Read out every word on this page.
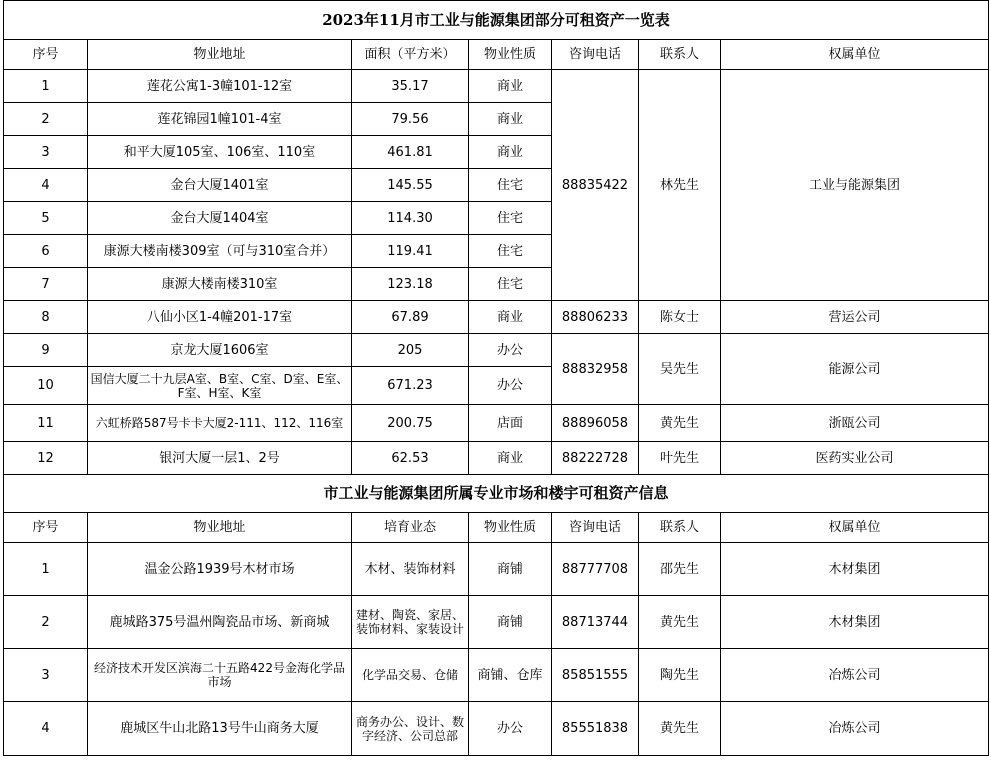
2023年11月市工业与能源集团部分可租资产一览表						
序号	物业地址	面积（平方米）	物业性质	咨询电话	联系人	权属单位
1	莲花公寓1-3幢101-12室	35.17	商业	88835422	林先生	工业与能源集团
2	莲花锦园1幢101-4室	79.56	商业			
3	和平大厦105室、106室、110室	461.81	商业			
4	金台大厦1401室	145.55	住宅			
5	金台大厦1404室	114.30	住宅			
6	康源大楼南楼309室（可与310室合并）	119.41	住宅			
7	康源大楼南楼310室	123.18	住宅			
8	八仙小区1-4幢201-17室	67.89	商业	88806233	陈女士	营运公司
9	京龙大厦1606室	205	办公	88832958	吴先生	能源公司
10	国信大厦二十九层A室、B室、C室、D室、E室、F室、H室、K室	671.23	办公			
11	六虹桥路587号卡卡大厦2-111、112、116室	200.75	店面	88896058	黄先生	浙瓯公司
12	银河大厦一层1、2号	62.53	商业	88222728	叶先生	医药实业公司
市工业与能源集团所属专业市场和楼宇可租资产信息						
序号	物业地址	培育业态	物业性质	咨询电话	联系人	权属单位
1	温金公路1939号木材市场	木材、装饰材料	商铺	88777708	邵先生	木材集团
2	鹿城路375号温州陶瓷品市场、新商城	建材、陶瓷、家居、装饰材料、家装设计	商铺	88713744	黄先生	木材集团
3	经济技术开发区滨海二十五路422号金海化学品市场	化学品交易、仓储	商铺、仓库	85851555	陶先生	冶炼公司
4	鹿城区牛山北路13号牛山商务大厦	商务办公、设计、数字经济、公司总部	办公	85551838	黄先生	冶炼公司
